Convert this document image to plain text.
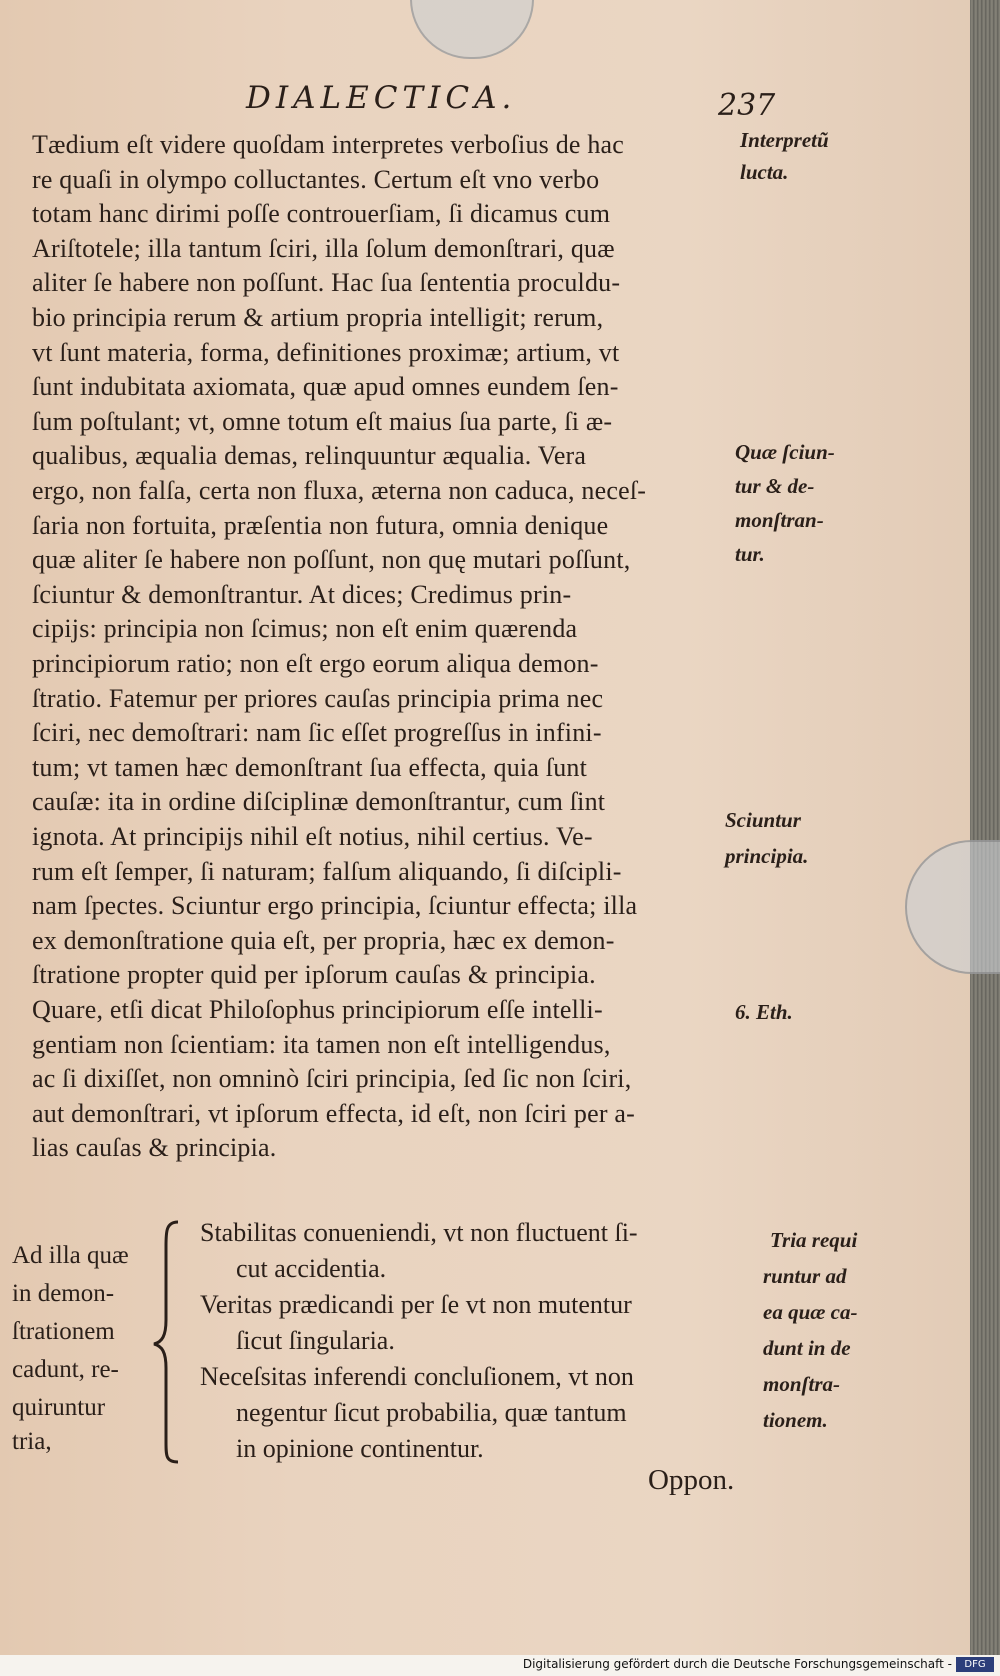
DIALECTICA.	237
Tædium eſt videre quoſdam interpretes verboſius de hac
re quaſi in olympo colluctantes. Certum eſt vno verbo
totam hanc dirimi poſſe controuerſiam, ſi dicamus cum
Ariſtotele; illa tantum ſciri, illa ſolum demonſtrari, quæ
aliter ſe habere non poſſunt. Hac ſua ſententia proculdu-
bio principia rerum & artium propria intelligit; rerum,
vt ſunt materia, forma, definitiones proximæ; artium, vt
ſunt indubitata axiomata, quæ apud omnes eundem ſen-
ſum poſtulant; vt, omne totum eſt maius ſua parte, ſi æ-
qualibus, æqualia demas, relinquuntur æqualia. Vera
ergo, non falſa, certa non fluxa, æterna non caduca, neceſ-
ſaria non fortuita, præſentia non futura, omnia denique
quæ aliter ſe habere non poſſunt, non quę mutari poſſunt,
ſciuntur & demonſtrantur. At dices; Credimus prin-
cipijs: principia non ſcimus; non eſt enim quærenda
principiorum ratio; non eſt ergo eorum aliqua demon-
ſtratio. Fatemur per priores cauſas principia prima nec
ſciri, nec demoſtrari: nam ſic eſſet progreſſus in infini-
tum; vt tamen hæc demonſtrant ſua effecta, quia ſunt
cauſæ: ita in ordine diſciplinæ demonſtrantur, cum ſint
ignota. At principijs nihil eſt notius, nihil certius. Ve-
rum eſt ſemper, ſi naturam; falſum aliquando, ſi diſcipli-
nam ſpectes. Sciuntur ergo principia, ſciuntur effecta; illa
ex demonſtratione quia eſt, per propria, hæc ex demon-
ſtratione propter quid per ipſorum cauſas & principia.
Quare, etſi dicat Philoſophus principiorum eſſe intelli-
gentiam non ſcientiam: ita tamen non eſt intelligendus,
ac ſi dixiſſet, non omninò ſciri principia, ſed ſic non ſciri,
aut demonſtrari, vt ipſorum effecta, id eſt, non ſciri per a-
lias cauſas & principia.
Interpretũ
lucta.
Quæ ſciun-
tur & de-
monſtran-
tur.
Sciuntur
principia.
6. Eth.
Tria requi
runtur ad
ea quæ ca-
dunt in de
monſtra-
tionem.
Ad illa quæ
in demon-
ſtrationem
cadunt, re-
quiruntur
tria,
Stabilitas conueniendi, vt non fluctuent ſi-
cut accidentia.
Veritas prædicandi per ſe vt non mutentur
ſicut ſingularia.
Neceſsitas inferendi concluſionem, vt non
negentur ſicut probabilia, quæ tantum
in opinione continentur.
Oppon.
Digitalisierung gefördert durch die Deutsche Forschungsgemeinschaft -	DFG
